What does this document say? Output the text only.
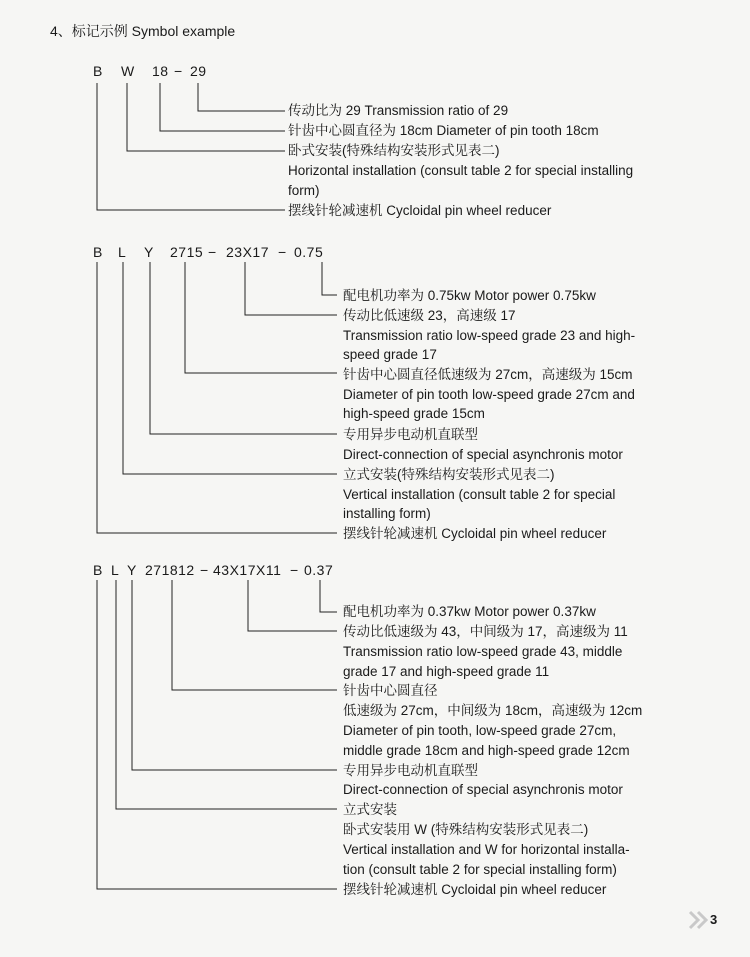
4、标记示例 Symbol example
B W 18 − 29
传动比为 29 Transmission ratio of 29
针齿中心圆直径为 18cm Diameter of pin tooth 18cm
卧式安装(特殊结构安装形式见表二)
Horizontal installation (consult table 2 for special installing
form)
摆线针轮减速机 Cycloidal pin wheel reducer
B L Y 2715 − 23X17 − 0.75
配电机功率为 0.75kw Motor power 0.75kw
传动比低速级 23，高速级 17
Transmission ratio low-speed grade 23 and high-
speed grade 17
针齿中心圆直径低速级为 27cm，高速级为 15cm
Diameter of pin tooth low-speed grade 27cm and
high-speed grade 15cm
专用异步电动机直联型
Direct-connection of special asynchronis motor
立式安装(特殊结构安装形式见表二)
Vertical installation (consult table 2 for special
installing form)
摆线针轮减速机 Cycloidal pin wheel reducer
B L Y 271812 − 43X17X11 − 0.37
配电机功率为 0.37kw Motor power 0.37kw
传动比低速级为 43，中间级为 17，高速级为 11
Transmission ratio low-speed grade 43, middle
grade 17 and high-speed grade 11
针齿中心圆直径
低速级为 27cm，中间级为 18cm，高速级为 12cm
Diameter of pin tooth, low-speed grade 27cm,
middle grade 18cm and high-speed grade 12cm
专用异步电动机直联型
Direct-connection of special asynchronis motor
立式安装
卧式安装用 W (特殊结构安装形式见表二)
Vertical installation and W for horizontal installa-
tion (consult table 2 for special installing form)
摆线针轮减速机 Cycloidal pin wheel reducer
3
